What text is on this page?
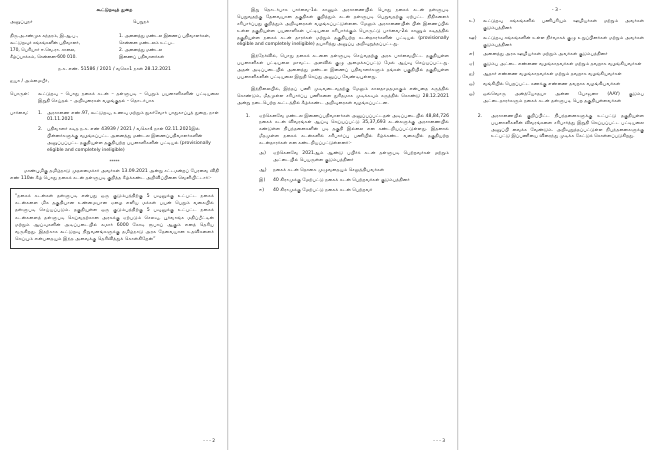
கூட்டுறவுத் துறை
அனுப்புநர்	பெறுநர்
திரு.அ.சண்முக சுந்தரம், இ.ஆ.ப.,
கூட்டுறவுச் சங்கங்களின் பதிவாளர்,
170, பெரியார் ஈ.வெ.ரா. சாலை,
கீழ்ப்பாக்கம், சென்னை-600 010.
1. அனைத்து மண்டல இணைப் பதிவாளர்கள்,
சென்னை மண்டலம் உட்பட
2. அனைத்து மண்டல
இணைப் பதிவாளர்கள்
ந.க. எண். 51586 / 2021 / வகொ1 நாள் 28.12.2021
ஐயா / அம்மையீர்,
பொருள்:	கூட்டுறவு – பொது நகைக் கடன் – தள்ளுபடி – பெறும் பயனாளிகளின் பட்டியலை இறுதி செய்தல் – அறிவுரைகள் வழங்குதல் – தொடர்பாக
பார்வை:	1.	அரசாணை எண்.97, கூட்டுறவு, உணவு மற்றும் நுகர்வோர் பாதுகாப்புத் துறை, நாள் 01.11.2021
2.	பதிவாளர் கடித ந.க. எண் 43939 / 2021 / வகொ4 நாள் 02.11.2021இல் பின்னர்களுக்கு வழங்கப்பட்ட அனைத்து மண்டல இணைப்பதிவாளர்களின் அனுப்பப்பட்ட தகுதியுள்ள தகுதியற்ற பயனாளிகளின் பட்டியல் (provisionally eligible and completely ineligible)
*****
மாண்புமிகு தமிழ்நாடு முதலமைச்சர் அவர்கள் 13.09.2021 அன்று சட்டமன்றப் பேரவை விதி எண் 110ன் கீழ் பொது நகைக் கடன் தள்ளுபடி குறித்த கீழ்க்கண்ட அறிவிப்பினை வெளியிட்டார்:-
“நகைக் கடன்கள் தள்ளுபடி என்பது ஒரு குடும்பத்திற்கு 5 பவுனுக்கு உட்பட்ட நகைக் கடன்களை மிக தகுதியான உண்மையான ஏழை எளிய மக்கள் பயன் பெறும் வகையில் தள்ளுபடி செய்யப்படும். தகுதியுள்ள ஒரு குடும்பத்திற்கு 5 பவுனுக்கு உட்பட்ட நகைக் கடன்களைத் தள்ளுபடி செய்வதற்கான அரசுக்கு ஏற்படும் செலவு, பூர்வாங்க மதிப்பீட்டின் மற்றும் ஆய்வுகளின் அடிப்படையில் சுமார் 6000 கோடி ரூபாய் ஆகும் எனத் தெரிய வருகிறது. இதற்காக கூட்டுறவு நிறுவனங்களுக்கு தமிழ்நாடு அரசு தேவையான உதவிகளைச் செய்யும் என்பதையும் இந்த அவைக்கு தெரிவித்துக் கொள்கிறேன்”
- - - 2
இது தொடர்பாக பார்வை-1ல் காணும் அரசாணையில் பொது நகைக் கடன் தள்ளுபடி பெறுவதற்கு தேவையான தகுதிகள் குறித்தும் கடன் தள்ளுபடி பெறுவதற்கு ஏற்பட்ட நிதிகளைச் சரிபார்ப்பது குறித்தும் அறிவுரைகள் வழங்கப்பட்டுள்ளன. மேலும் அரசாணையின் பின் இணைப்பில் உள்ள தகுதியுள்ள பயனாளிகள் பட்டியலை சரிபார்க்கும் பொருட்டு பார்வை-2ல் காணும் கடிதத்தில் தகுதியுள்ள நகைக் கடன் தாரர்கள் மற்றும் தகுதியற்ற கடன்தாரர்களின் பட்டியல் (provisionally eligible and completely ineligible) தயாரித்து அனுப்ப அறிவுறுத்தப்பட்டது.
இந்நேர்வில், பொது நகைக் கடனை தள்ளுபடி செய்வதற்கு அரசு பார்வையிட்ட தகுதியுள்ள பயனாளிகள் பட்டியலை மாவட்ட அளவில் குழு அமைக்கப்பட்டு மேல் ஆய்வு செய்யப்பட்டது. அதன் அடிப்படையில் அனைத்து மண்டல இணைப் பதிவாளர்களும் தங்கள் பகுதியில் தகுதியுள்ள பயனாளிகளின் பட்டியலை இறுதி செய்து அனுப்ப வேண்டியுள்ளது.
இந்நிலையில், இந்தப் பணி முடிவடைவதற்கு மேலும் காலதாமதமாகும் என்பதை கருத்தில் கொண்டும், மீதமுள்ள சரிபார்ப்பு பணிகளை துரிதமாக முடிக்கவும் கருத்தில் கொண்டு 28.12.2021 அன்று நடைபெற்ற கூட்டத்தில் கீழ்க்கண்ட அறிவுரைகள் வழங்கப்பட்டன.
1.	ஏற்கெனவே மண்டல இணைப்பதிவாளர்கள் அனுப்பப்பட்டதன் அடிப்படையில் 48,84,726 நகைக் கடன் விவரங்கள் ஆய்வு செய்யப்பட்டு 35,37,693 கடன்களுக்கு அரசாணையில் கண்டுள்ள நிபந்தனைகளின் படி தகுதி இல்லை என கண்டறியப்பட்டுள்ளது. இதனால் மீதமுள்ள நகைக் கடன்களில் சரிபார்ப்பு பணியில் கீழ்க்கண்ட வகையில் தகுதியற்ற கடன்தாரர்கள் என கண்டறியப்பட்டுள்ளனர்:-
அ)	ஏற்கெனவே 2021ஆம் ஆண்டு பயிர்க் கடன் தள்ளுபடி பெற்றவர்கள் மற்றும் அட்டையில் பெயருள்ள குடும்பத்தினர்
ஆ)	நகைக் கடன் தொகை முழுவதையும் செலுத்தியவர்கள்
இ)	40 கிராமுக்கு மேற்பட்டு நகைக் கடன் பெற்றவர்கள் குடும்பத்தினர்
ஈ)	40 கிராமுக்கு மேற்பட்டு நகைக் கடன் பெற்றவர்
- - - 3
- 3 -
உ)	கூட்டுறவு சங்கங்களில் பணிபுரியும் ஊழியர்கள் மற்றும் அவர்கள் குடும்பத்தினர்
ஊ)	கூட்டுறவு சங்கங்களின் உள்ள நிர்வாகக் குழு உறுப்பினர்கள் மற்றும் அவர்கள் குடும்பத்தினர்
எ)	அனைத்து அரசு ஊழியர்கள் மற்றும் அவர்கள் குடும்பத்தினர்
ஏ)	குடும்ப அட்டை எண்ணை வழங்காதவர்கள் மற்றும் தவறாக வழங்கியவர்கள்
ஐ)	ஆதார் எண்ணை வழங்காதவர்கள் மற்றும் தவறாக வழங்கியவர்கள்
ஒ)	வங்கியில் பெறப்பட்ட கணக்கு எண்ணை தவறாக வழங்கியவர்கள்
ஓ)	ஒவ்வொரு அன்த்யோதயா அன்ன யோஜனா (AAY) குடும்ப அட்டைதாரர்களும் நகைக் கடன் தள்ளுபடி பெற தகுதியுள்ளவர்கள்
2.	அரசாணையில் குறிப்பிட்ட நிபந்தனைகளுக்கு உட்பட்டு தகுதியுள்ள பயனாளிகளின் விவரங்களை சரிபார்த்து இறுதி செய்யப்பட்ட பட்டியலை அனுப்பி வைக்க வேண்டும். அறிவுறுத்தப்பட்டுள்ள நிபந்தனைகளுக்கு உட்பட்டு இப்பணியை விரைந்து முடிக்க கேட்டுக் கொள்ளப்படுகிறது.
